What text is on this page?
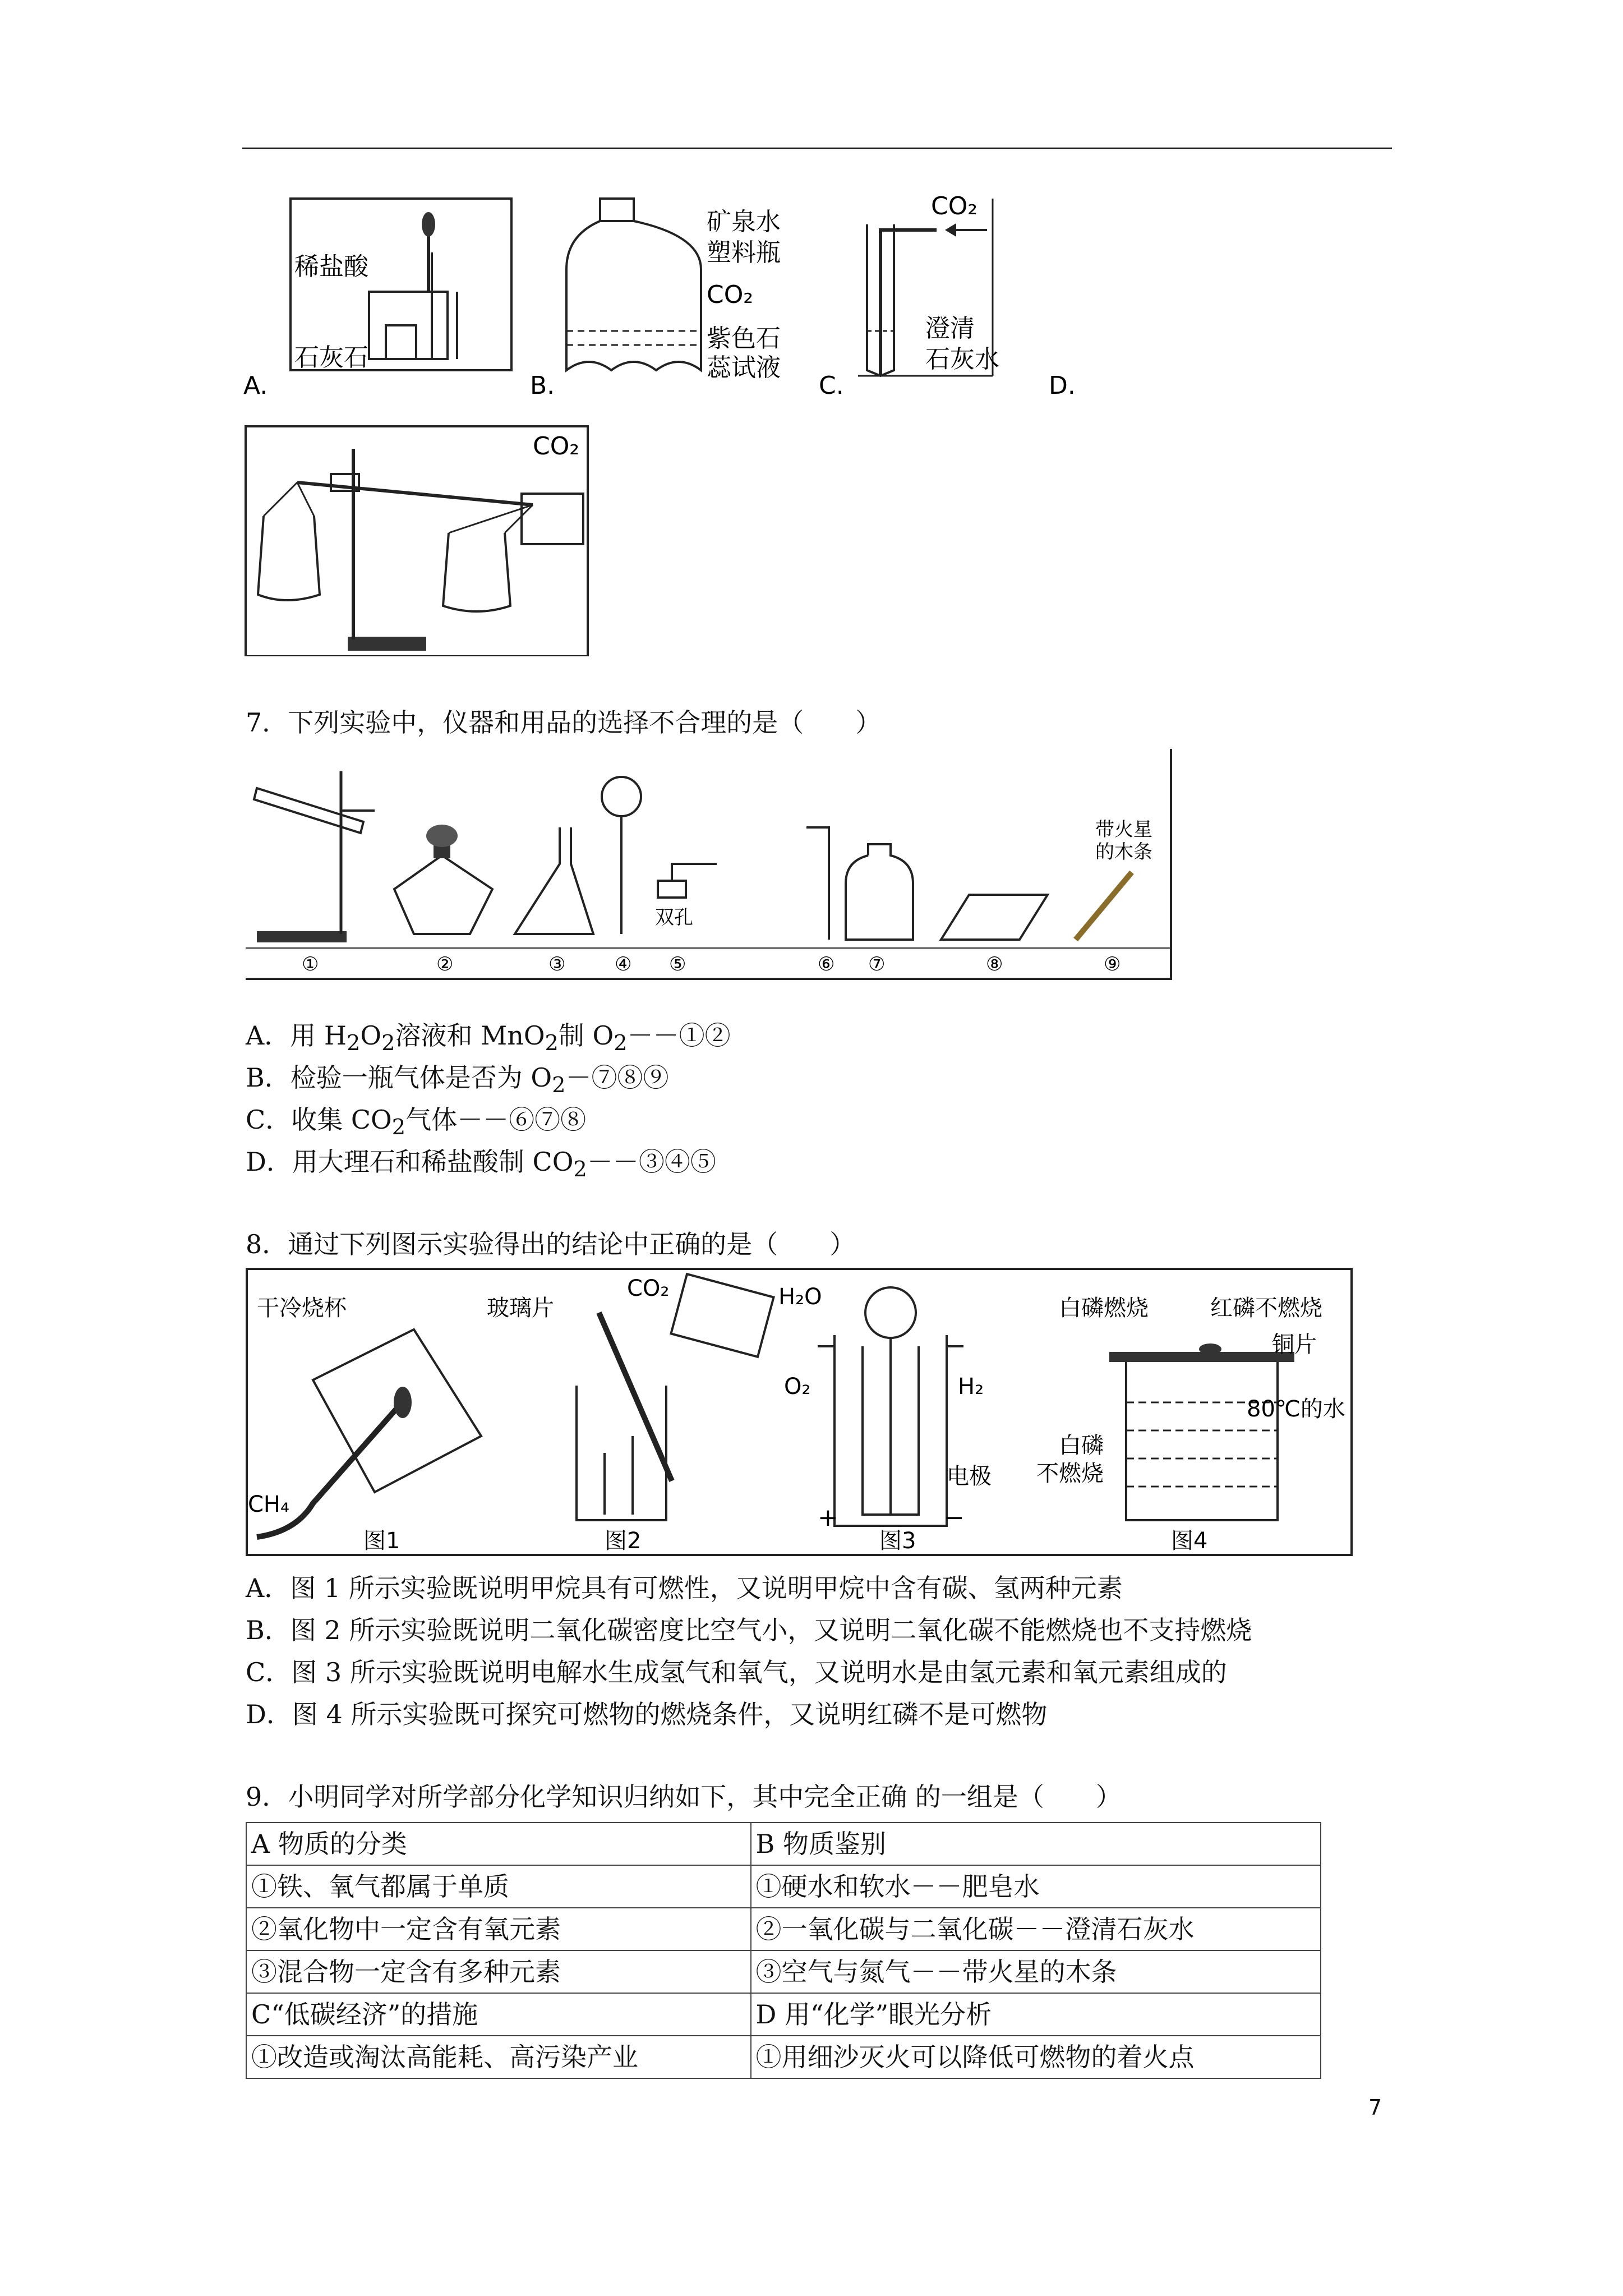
稀盐酸
石灰石
A.
矿泉水
塑料瓶
CO₂
紫色石
蕊试液
B.
CO₂
澄清
石灰水
C.	D.
CO₂
7．下列实验中，仪器和用品的选择不合理的是（　　）
双孔
带火星
的木条
①	②	③	④ ⑤	⑥ ⑦	⑧	⑨
A．用 $H_2O_2$溶液和 MnO$_2$制 $O_2--①②$
B．检验一瓶气体是否为 $O_2-⑦⑧⑨$
C．收集 $CO_2$气体－－⑥⑦⑧
D．用大理石和稀盐酸制 $CO_2--③④⑤$
8．通过下列图示实验得出的结论中正确的是（　　）
干冷烧杯
CH₄
图1
玻璃片
CO₂
图2
H₂O
O₂	H₂
电极
+	−
图3
白磷燃烧	红磷不燃烧
铜片
80℃的水
白磷
不燃烧
图4
A．图 1 所示实验既说明甲烷具有可燃性，又说明甲烷中含有碳、氢两种元素
B．图 2 所示实验既说明二氧化碳密度比空气小，又说明二氧化碳不能燃烧也不支持燃烧
C．图 3 所示实验既说明电解水生成氢气和氧气，又说明水是由氢元素和氧元素组成的
D．图 4 所示实验既可探究可燃物的燃烧条件，又说明红磷不是可燃物
9．小明同学对所学部分化学知识归纳如下，其中完全正确 的一组是（　　）
A 物质的分类	B 物质鉴别
①铁、氧气都属于单质	①硬水和软水－－肥皂水
②氧化物中一定含有氧元素	②一氧化碳与二氧化碳－－澄清石灰水
③混合物一定含有多种元素	③空气与氮气－－带火星的木条
C“低碳经济”的措施	D 用“化学”眼光分析
①改造或淘汰高能耗、高污染产业	①用细沙灭火可以降低可燃物的着火点
7
